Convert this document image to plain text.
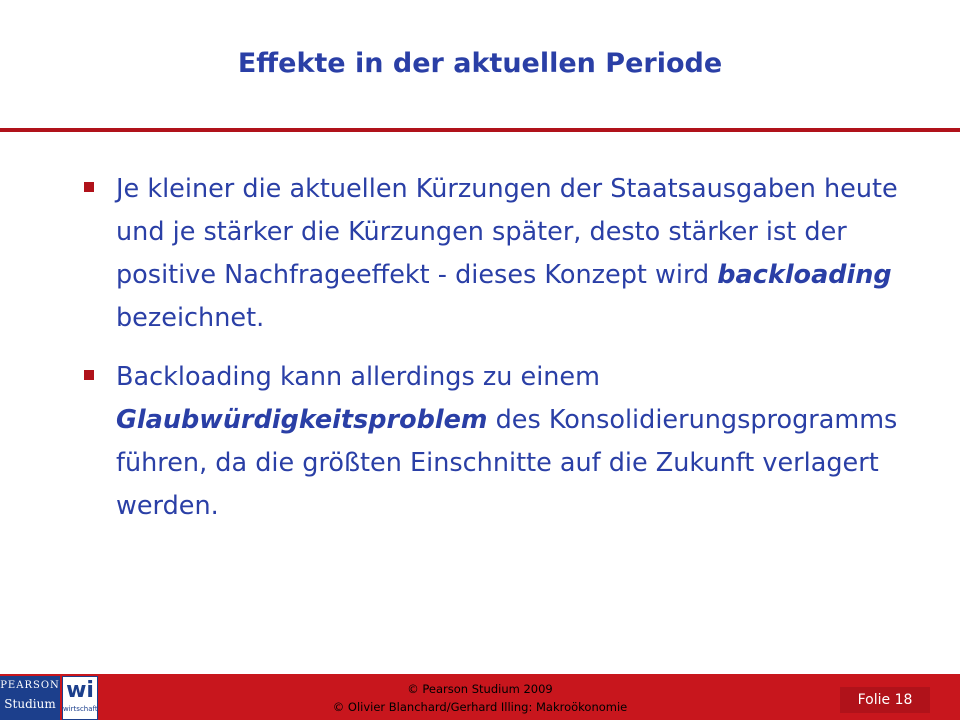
Effekte in der aktuellen Periode
Je kleiner die aktuellen Kürzungen der Staatsausgaben heute und je stärker die Kürzungen später, desto stärker ist der positive Nachfrageeffekt - dieses Konzept wird backloading bezeichnet.
Backloading kann allerdings zu einem Glaubwürdigkeitsproblem des Konsolidierungsprogramms führen, da die größten Einschnitte auf die Zukunft verlagert werden.
PEARSON
Studium
wi
wirtschaft
© Pearson Studium 2009
© Olivier Blanchard/Gerhard Illing: Makroökonomie	Folie 18
